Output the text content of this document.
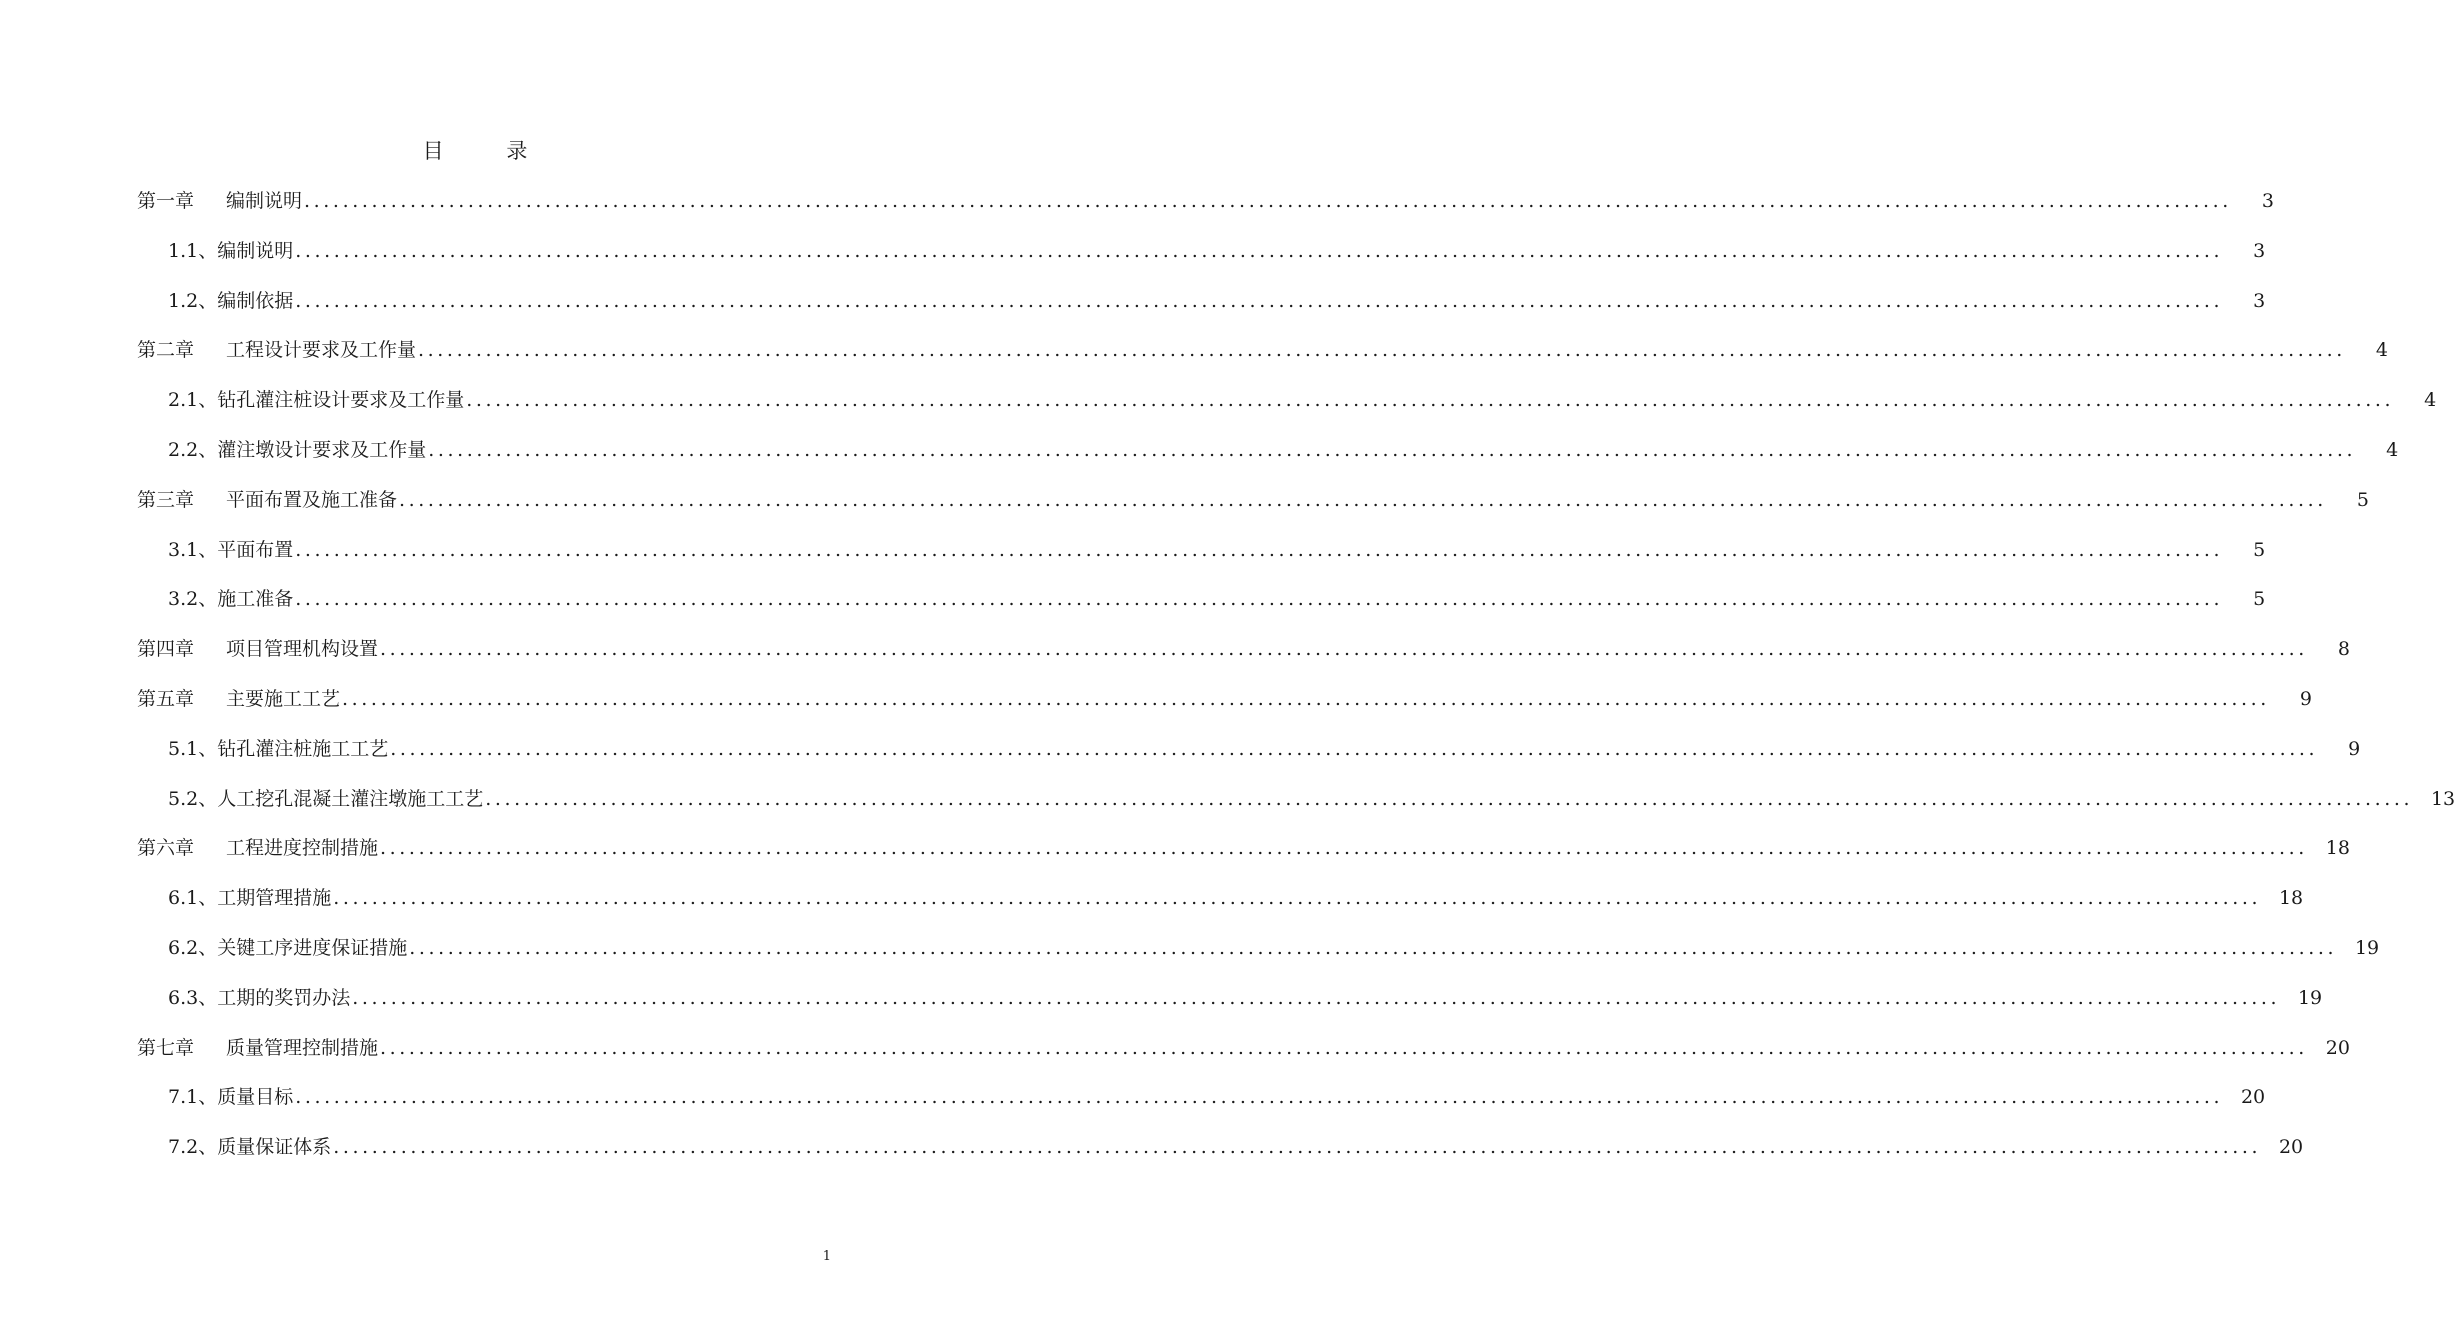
目 录
第一章	编制说明 ........................................................................................................................................................................................................	3
1.1、 编制说明 ........................................................................................................................................................................................................	3
1.2、 编制依据 ........................................................................................................................................................................................................	3
第二章	工程设计要求及工作量 ........................................................................................................................................................................................................	4
2.1、 钻孔灌注桩设计要求及工作量 ........................................................................................................................................................................................................	4
2.2、 灌注墩设计要求及工作量 ........................................................................................................................................................................................................	4
第三章	平面布置及施工准备 ........................................................................................................................................................................................................	5
3.1、 平面布置 ........................................................................................................................................................................................................	5
3.2、 施工准备 ........................................................................................................................................................................................................	5
第四章	项目管理机构设置 ........................................................................................................................................................................................................	8
第五章	主要施工工艺 ........................................................................................................................................................................................................	9
5.1、 钻孔灌注桩施工工艺 ........................................................................................................................................................................................................	9
5.2、 人工挖孔混凝土灌注墩施工工艺 ........................................................................................................................................................................................................ 13
第六章	工程进度控制措施 ........................................................................................................................................................................................................ 18
6.1、 工期管理措施 ........................................................................................................................................................................................................ 18
6.2、 关键工序进度保证措施 ........................................................................................................................................................................................................ 19
6.3、 工期的奖罚办法 ........................................................................................................................................................................................................ 19
第七章	质量管理控制措施 ........................................................................................................................................................................................................ 20
7.1、 质量目标 ........................................................................................................................................................................................................ 20
7.2、 质量保证体系 ........................................................................................................................................................................................................ 20
1
